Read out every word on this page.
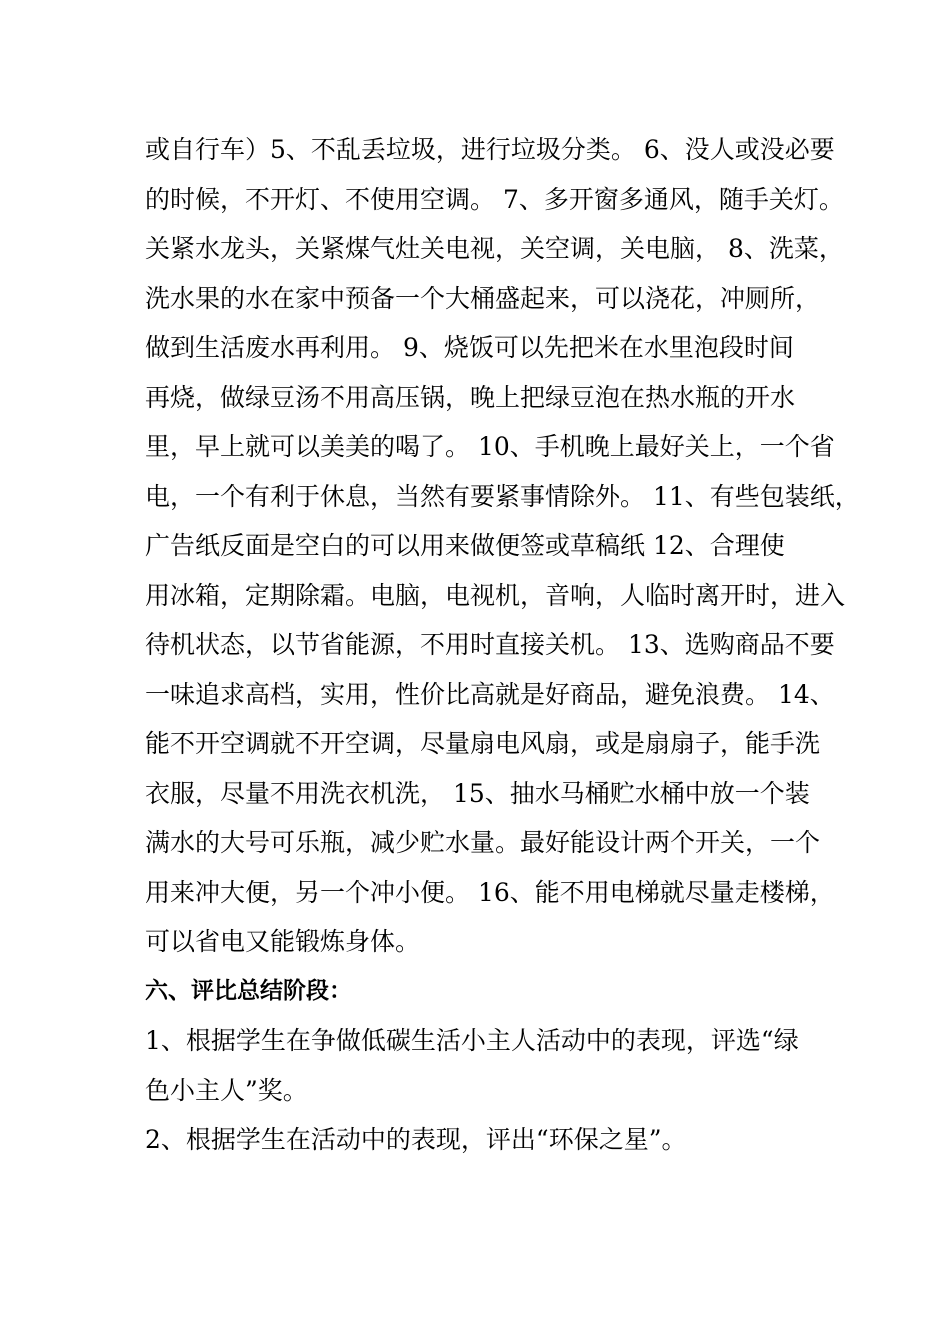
或自行车）5、不乱丢垃圾，进行垃圾分类。 6、没人或没必要
的时候，不开灯、不使用空调。 7、多开窗多通风，随手关灯。
关紧水龙头，关紧煤气灶关电视，关空调，关电脑， 8、洗菜，
洗水果的水在家中预备一个大桶盛起来，可以浇花，冲厕所，
做到生活废水再利用。 9、烧饭可以先把米在水里泡段时间
再烧，做绿豆汤不用高压锅，晚上把绿豆泡在热水瓶的开水
里，早上就可以美美的喝了。 10、手机晚上最好关上，一个省
电，一个有利于休息，当然有要紧事情除外。 11、有些包装纸，
广告纸反面是空白的可以用来做便签或草稿纸 12、合理使
用冰箱，定期除霜。电脑，电视机，音响，人临时离开时，进入
待机状态，以节省能源，不用时直接关机。 13、选购商品不要
一味追求高档，实用，性价比高就是好商品，避免浪费。 14、
能不开空调就不开空调，尽量扇电风扇，或是扇扇子，能手洗
衣服，尽量不用洗衣机洗， 15、抽水马桶贮水桶中放一个装
满水的大号可乐瓶，减少贮水量。最好能设计两个开关，一个
用来冲大便，另一个冲小便。 16、能不用电梯就尽量走楼梯，
可以省电又能锻炼身体。
六、评比总结阶段：
1、根据学生在争做低碳生活小主人活动中的表现，评选“绿
色小主人”奖。
2、根据学生在活动中的表现，评出“环保之星”。
